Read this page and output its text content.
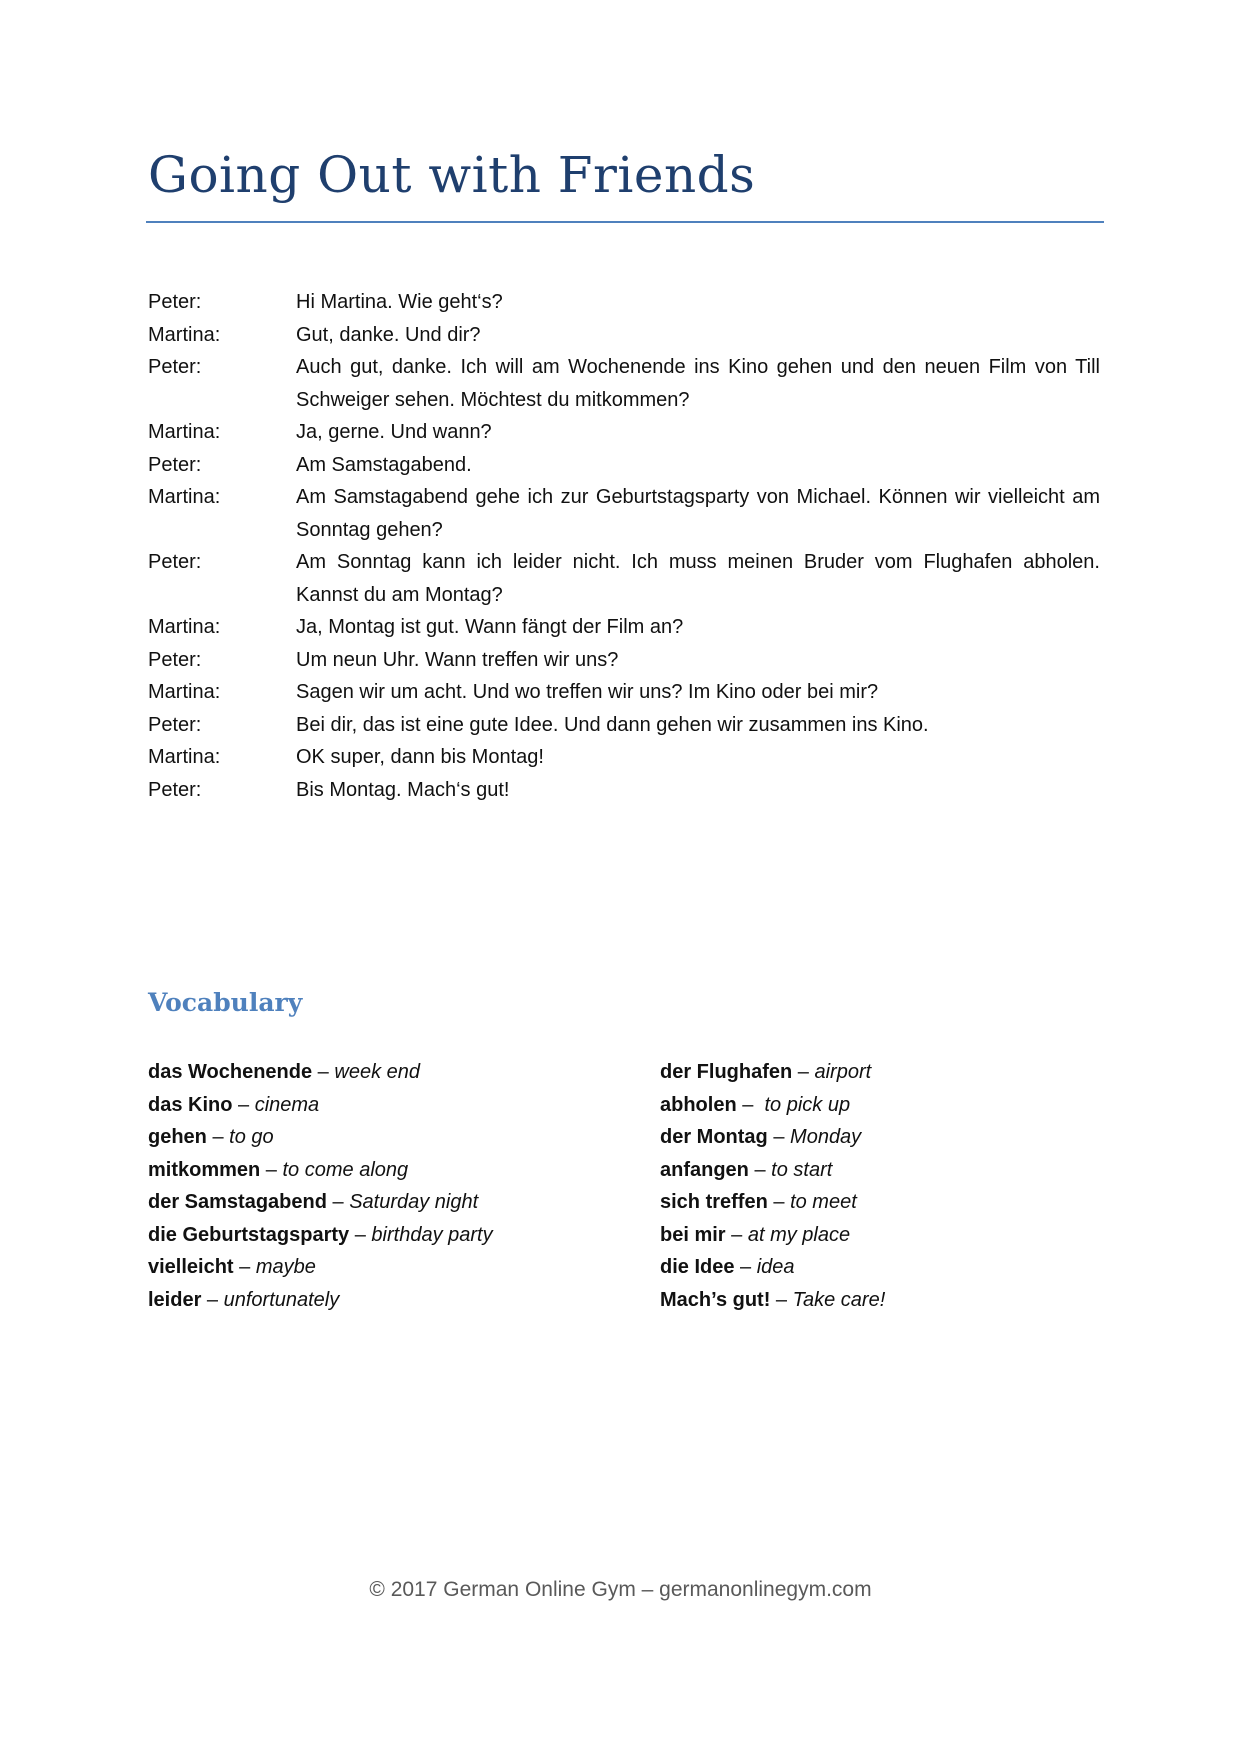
Going Out with Friends
Peter:	Hi Martina. Wie geht‘s?
Martina:	Gut, danke. Und dir?
Peter:	Auch gut, danke. Ich will am Wochenende ins Kino gehen und den neuen Film von Till Schweiger sehen. Möchtest du mitkommen?
Martina:	Ja, gerne. Und wann?
Peter:	Am Samstagabend.
Martina:	Am Samstagabend gehe ich zur Geburtstagsparty von Michael. Können wir vielleicht am Sonntag gehen?
Peter:	Am Sonntag kann ich leider nicht. Ich muss meinen Bruder vom Flughafen abholen. Kannst du am Montag?
Martina:	Ja, Montag ist gut. Wann fängt der Film an?
Peter:	Um neun Uhr. Wann treffen wir uns?
Martina:	Sagen wir um acht. Und wo treffen wir uns? Im Kino oder bei mir?
Peter:	Bei dir, das ist eine gute Idee. Und dann gehen wir zusammen ins Kino.
Martina:	OK super, dann bis Montag!
Peter:	Bis Montag. Mach‘s gut!
Vocabulary
das Wochenende – week end
das Kino – cinema
gehen – to go
mitkommen – to come along
der Samstagabend – Saturday night
die Geburtstagsparty – birthday party
vielleicht – maybe
leider – unfortunately
der Flughafen – airport
abholen –  to pick up
der Montag – Monday
anfangen – to start
sich treffen – to meet
bei mir – at my place
die Idee – idea
Mach’s gut! – Take care!
© 2017 German Online Gym – germanonlinegym.com
